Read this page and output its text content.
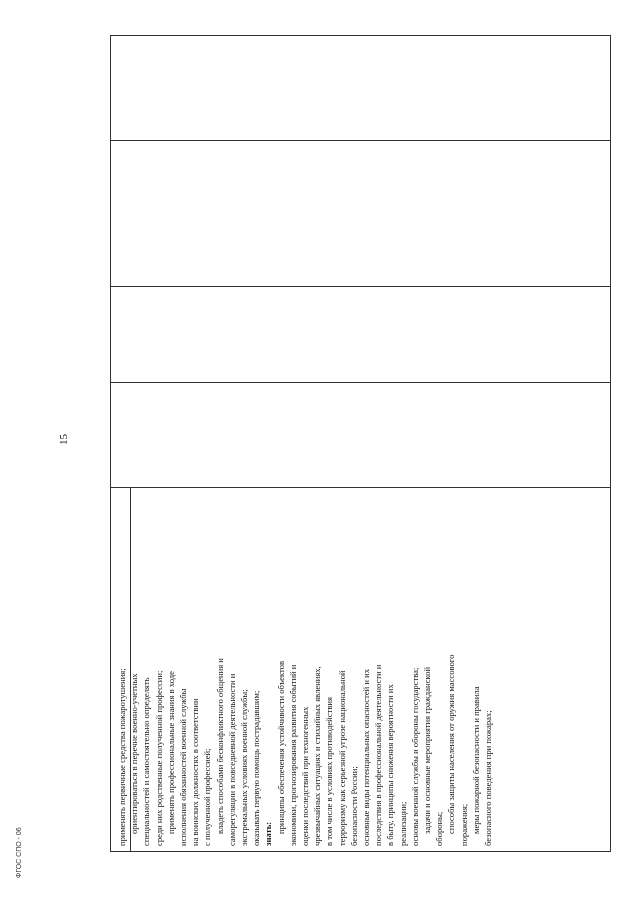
15
применять первичные средства пожаротушения; ориентироваться в перечне военно-учетных специальностей и самостоятельно определять среди них родственные полученной профессии; применять профессиональные знания в ходе исполнения обязанностей военной службы на воинских должностях в соответствии с полученной профессией; владеть способами бесконфликтного общения и саморегуляции в повседневной деятельности и экстремальных условиях военной службы; оказывать первую помощь пострадавшим; знать: принципы обеспечения устойчивости объектов экономики, прогнозирования развития событий и оценки последствий при техногенных чрезвычайных ситуациях и стихийных явлениях, в том числе в условиях противодействия терроризму как серьезной угрозе национальной безопасности России; основные виды потенциальных опасностей и их последствия в профессиональной деятельности и в быту, принципы снижения вероятности их реализации; основы военной службы и обороны государства; задачи и основные мероприятия гражданской обороны; способы защиты населения от оружия массового поражения; меры пожарной безопасности и правила безопасного поведения при пожарах;
ФГОС СПО - 06
